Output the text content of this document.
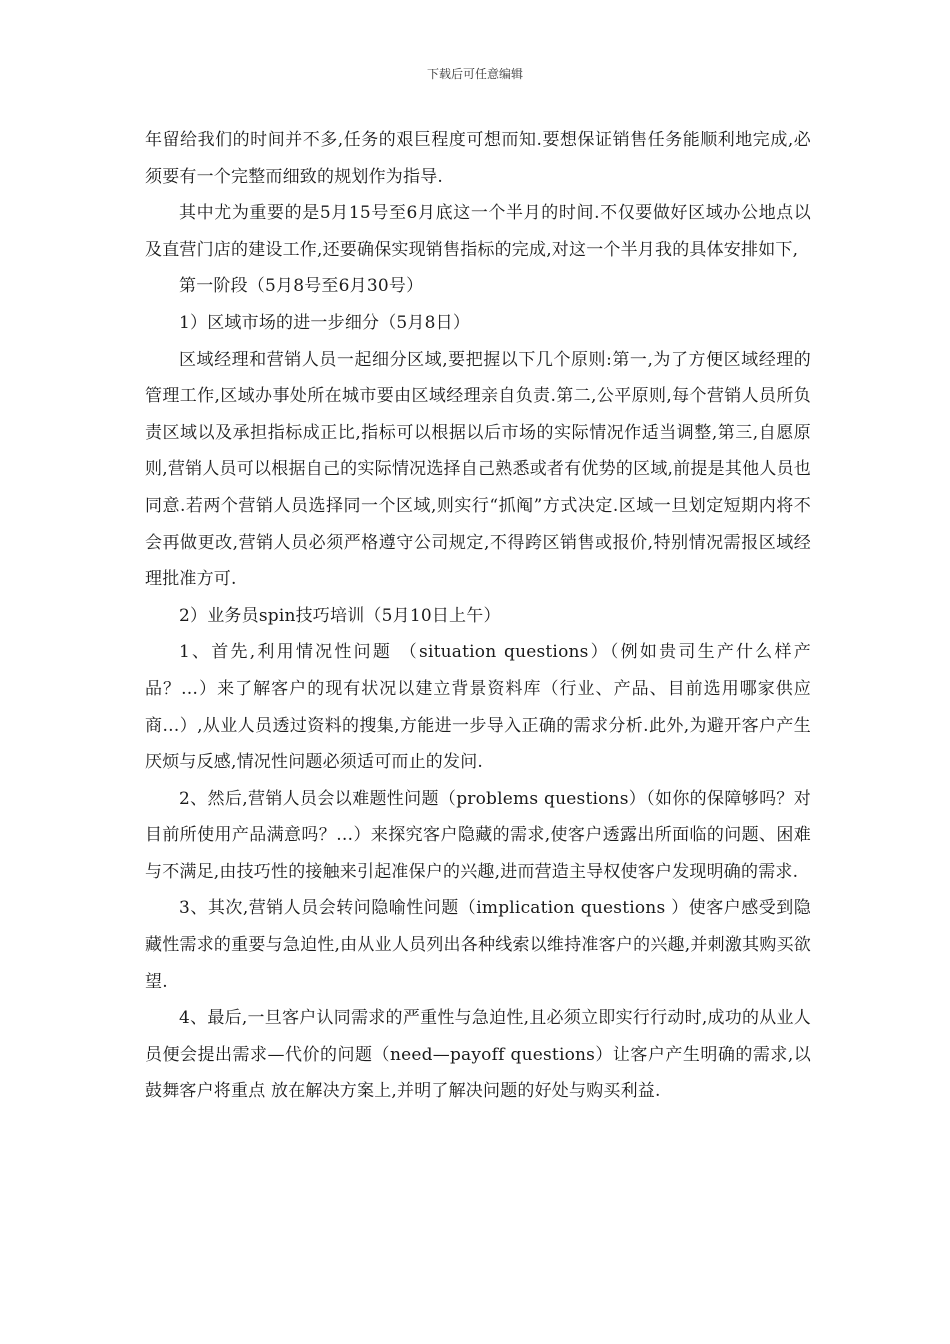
下载后可任意编辑

年留给我们的时间并不多,任务的艰巨程度可想而知.要想保证销售任务能顺利地完成,必须要有一个完整而细致的规划作为指导.

其中尤为重要的是5月15号至6月底这一个半月的时间.不仅要做好区域办公地点以及直营门店的建设工作,还要确保实现销售指标的完成,对这一个半月我的具体安排如下,

第一阶段（5月8号至6月30号）

1）区域市场的进一步细分（5月8日）

区域经理和营销人员一起细分区域,要把握以下几个原则:第一,为了方便区域经理的管理工作,区域办事处所在城市要由区域经理亲自负责.第二,公平原则,每个营销人员所负责区域以及承担指标成正比,指标可以根据以后市场的实际情况作适当调整,第三,自愿原则,营销人员可以根据自己的实际情况选择自己熟悉或者有优势的区域,前提是其他人员也同意.若两个营销人员选择同一个区域,则实行“抓阄”方式决定.区域一旦划定短期内将不会再做更改,营销人员必须严格遵守公司规定,不得跨区销售或报价,特别情况需报区域经理批准方可.

2）业务员spin技巧培训（5月10日上午）

1、首先,利用情况性问题 （situation questions）（例如贵司生产什么样产品？…）来了解客户的现有状况以建立背景资料库（行业、产品、目前选用哪家供应商…）,从业人员透过资料的搜集,方能进一步导入正确的需求分析.此外,为避开客户产生厌烦与反感,情况性问题必须适可而止的发问.

2、然后,营销人员会以难题性问题（problems questions）（如你的保障够吗？对目前所使用产品满意吗？…）来探究客户隐藏的需求,使客户透露出所面临的问题、困难与不满足,由技巧性的接触来引起准保户的兴趣,进而营造主导权使客户发现明确的需求.

3、其次,营销人员会转问隐喻性问题（implication questions ）使客户感受到隐藏性需求的重要与急迫性,由从业人员列出各种线索以维持准客户的兴趣,并刺激其购买欲望.

4、最后,一旦客户认同需求的严重性与急迫性,且必须立即实行行动时,成功的从业人员便会提出需求—代价的问题（need—payoff questions）让客户产生明确的需求,以鼓舞客户将重点 放在解决方案上,并明了解决问题的好处与购买利益.
